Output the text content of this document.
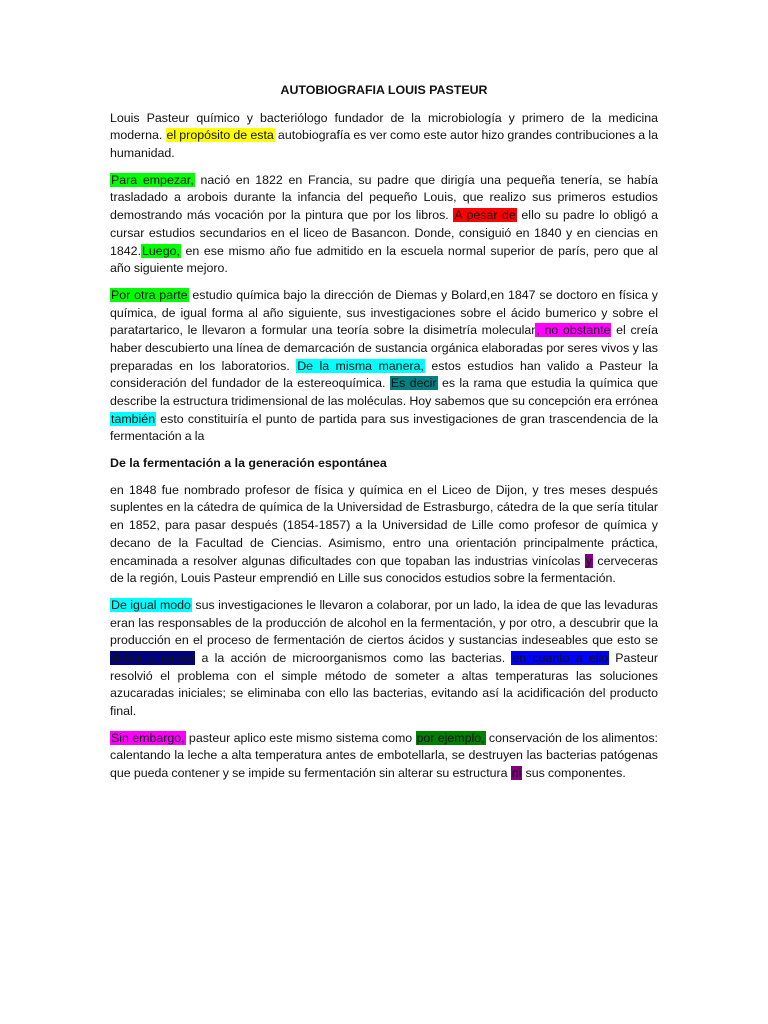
AUTOBIOGRAFIA LOUIS PASTEUR

Louis Pasteur químico y bacteriólogo fundador de la microbiología y primero de la medicina moderna. el propósito de esta autobiografía es ver como este autor hizo grandes contribuciones a la humanidad.

Para empezar, nació en 1822 en Francia, su padre que dirigía una pequeña tenería, se había trasladado a arobois durante la infancia del pequeño Louis, que realizo sus primeros estudios demostrando más vocación por la pintura que por los libros. A pesar de ello su padre lo obligó a cursar estudios secundarios en el liceo de Basancon. Donde, consiguió en 1840 y en ciencias en 1842.Luego, en ese mismo año fue admitido en la escuela normal superior de parís, pero que al año siguiente mejoro.

Por otra parte estudio química bajo la dirección de Diemas y Bolard,en 1847 se doctoro en física y química, de igual forma al año siguiente, sus investigaciones sobre el ácido bumerico y sobre el paratartarico, le llevaron a formular una teoría sobre la disimetría molecular, no obstante el creía haber descubierto una línea de demarcación de sustancia orgánica elaboradas por seres vivos y las preparadas en los laboratorios. De la misma manera, estos estudios han valido a Pasteur la consideración del fundador de la estereoquímica. Es decir es la rama que estudia la química que describe la estructura tridimensional de las moléculas. Hoy sabemos que su concepción era errónea también esto constituiría el punto de partida para sus investigaciones de gran trascendencia de la fermentación a la

De la fermentación a la generación espontánea

en 1848 fue nombrado profesor de física y química en el Liceo de Dijon, y tres meses después suplentes en la cátedra de química de la Universidad de Estrasburgo, cátedra de la que sería titular en 1852, para pasar después (1854-1857) a la Universidad de Lille como profesor de química y decano de la Facultad de Ciencias. Asimismo, entro una orientación principalmente práctica, encaminada a resolver algunas dificultades con que topaban las industrias vinícolas y cerveceras de la región, Louis Pasteur emprendió en Lille sus conocidos estudios sobre la fermentación.

De igual modo sus investigaciones le llevaron a colaborar, por un lado, la idea de que las levaduras eran las responsables de la producción de alcohol en la fermentación, y por otro, a descubrir que la producción en el proceso de fermentación de ciertos ácidos y sustancias indeseables que esto se debía a causa a la acción de microorganismos como las bacterias. en cuanto a ello Pasteur resolvió el problema con el simple método de someter a altas temperaturas las soluciones azucaradas iniciales; se eliminaba con ello las bacterias, evitando así la acidificación del producto final.

Sin embargo, pasteur aplico este mismo sistema como por ejemplo, conservación de los alimentos: calentando la leche a alta temperatura antes de embotellarla, se destruyen las bacterias patógenas que pueda contener y se impide su fermentación sin alterar su estructura ni sus componentes.
